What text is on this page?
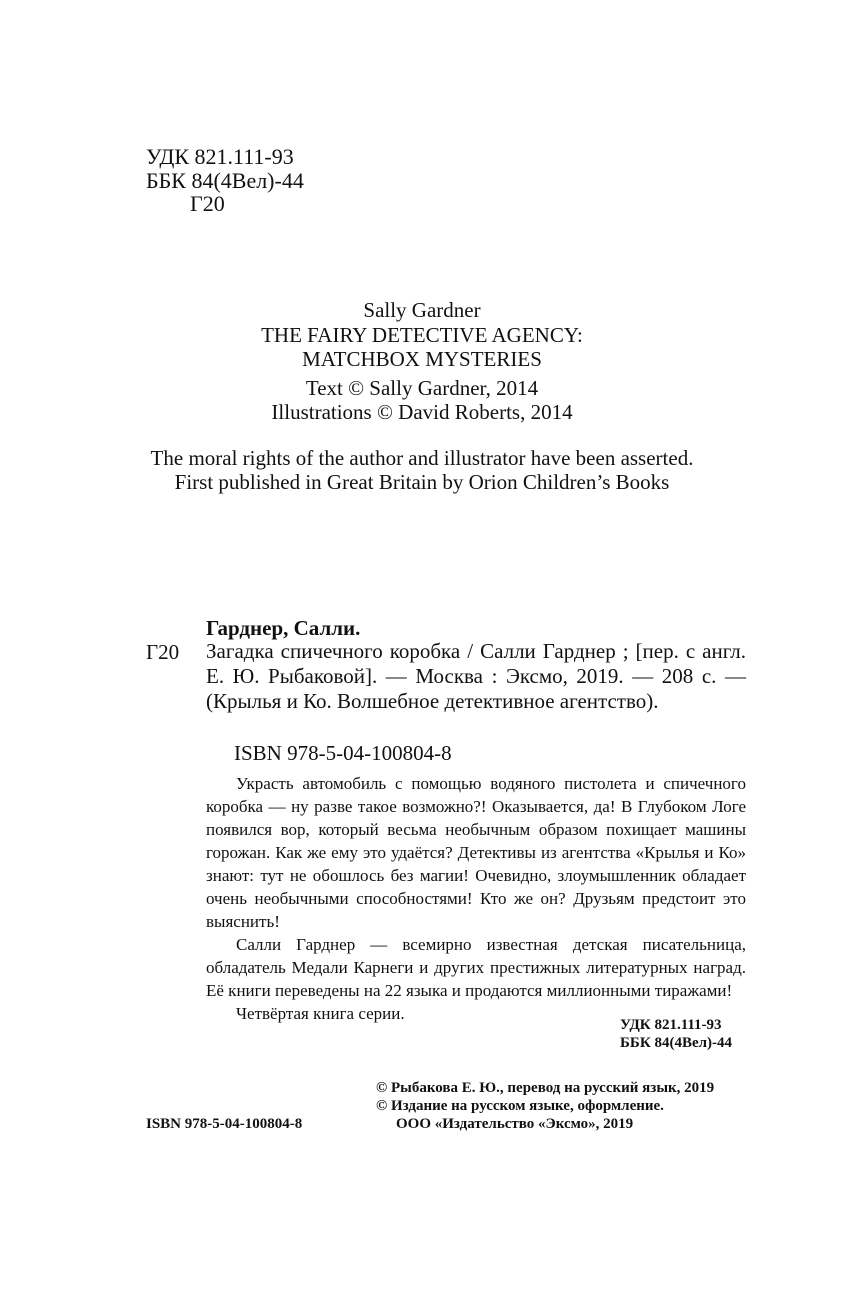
УДК 821.111-93
ББК 84(4Вел)-44
Г20
Sally Gardner
THE FAIRY DETECTIVE AGENCY:
MATCHBOX MYSTERIES
Text © Sally Gardner, 2014
Illustrations © David Roberts, 2014
The moral rights of the author and illustrator have been asserted.
First published in Great Britain by Orion Children’s Books
Гарднер, Салли.
Г20 Загадка спичечного коробка / Салли Гарднер ; [пер. с англ. Е. Ю. Рыбаковой]. — Москва : Эксмо, 2019. — 208 с. — (Крылья и Ко. Волшебное детективное агентство).

ISBN 978-5-04-100804-8

Украсть автомобиль с помощью водяного пистолета и спичечного коробка — ну разве такое возможно?! Оказывается, да! В Глубоком Логе появился вор, который весьма необычным образом похищает машины горожан. Как же ему это удаётся? Детективы из агентства «Крылья и Ко» знают: тут не обошлось без магии! Очевидно, злоумышленник обладает очень необычными способностями! Кто же он? Друзьям предстоит это выяснить!

Салли Гарднер — всемирно известная детская писательница, обладатель Медали Карнеги и других престижных литературных наград. Её книги переведены на 22 языка и продаются миллионными тиражами!

Четвёртая книга серии.

УДК 821.111-93
ББК 84(4Вел)-44
© Рыбакова Е. Ю., перевод на русский язык, 2019
© Издание на русском языке, оформление.
ISBN 978-5-04-100804-8	ООО «Издательство «Эксмо», 2019
